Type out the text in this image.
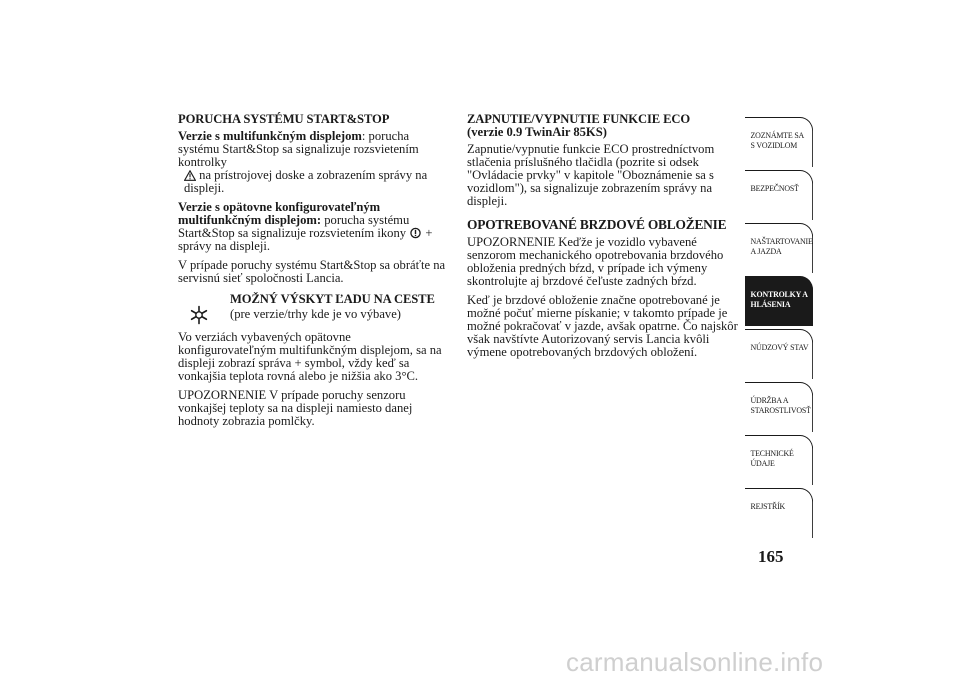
PORUCHA SYSTÉMU START&STOP

Verzie s multifunkčným displejom: porucha systému Start&Stop sa signalizuje rozsvietením kontrolky
na prístrojovej doske a zobrazením správy na displeji.

Verzie s opätovne konfigurovateľným multifunkčným displejom: porucha systému Start&Stop sa signalizuje rozsvietením ikony  + správy na displeji.

V prípade poruchy systému Start&Stop sa obráťte na servisnú sieť spoločnosti Lancia.

MOŽNÝ VÝSKYT ĽADU NA CESTE
(pre verzie/trhy kde je vo výbave)

Vo verziách vybavených opätovne konfigurovateľným multifunkčným displejom, sa na displeji zobrazí správa + symbol, vždy keď sa vonkajšia teplota rovná alebo je nižšia ako 3°C.

UPOZORNENIE V prípade poruchy senzoru vonkajšej teploty sa na displeji namiesto danej hodnoty zobrazia pomlčky.

ZAPNUTIE/VYPNUTIE FUNKCIE ECO
(verzie 0.9 TwinAir 85KS)

Zapnutie/vypnutie funkcie ECO prostredníctvom stlačenia príslušného tlačidla (pozrite si odsek "Ovládacie prvky" v kapitole "Oboznámenie sa s vozidlom"), sa signalizuje zobrazením správy na displeji.

OPOTREBOVANÉ BRZDOVÉ OBLOŽENIE

UPOZORNENIE Keďže je vozidlo vybavené senzorom mechanického opotrebovania brzdového obloženia predných bŕzd, v prípade ich výmeny skontrolujte aj brzdové čeľuste zadných bŕzd.

Keď je brzdové obloženie značne opotrebované je možné počuť mierne pískanie; v takomto prípade je možné pokračovať v jazde, avšak opatrne. Čo najskôr však navštívte Autorizovaný servis Lancia kvôli výmene opotrebovaných brzdových obložení.

ZOZNÁMTE SA S VOZIDLOM
BEZPEČNOSŤ
NAŠTARTOVANIE A JAZDA
KONTROLKY A HLÁSENIA
NÚDZOVÝ STAV
ÚDRŽBA A STAROSTLIVOSŤ
TECHNICKÉ ÚDAJE
REJSTŘÍK
165
carmanualsonline.info
